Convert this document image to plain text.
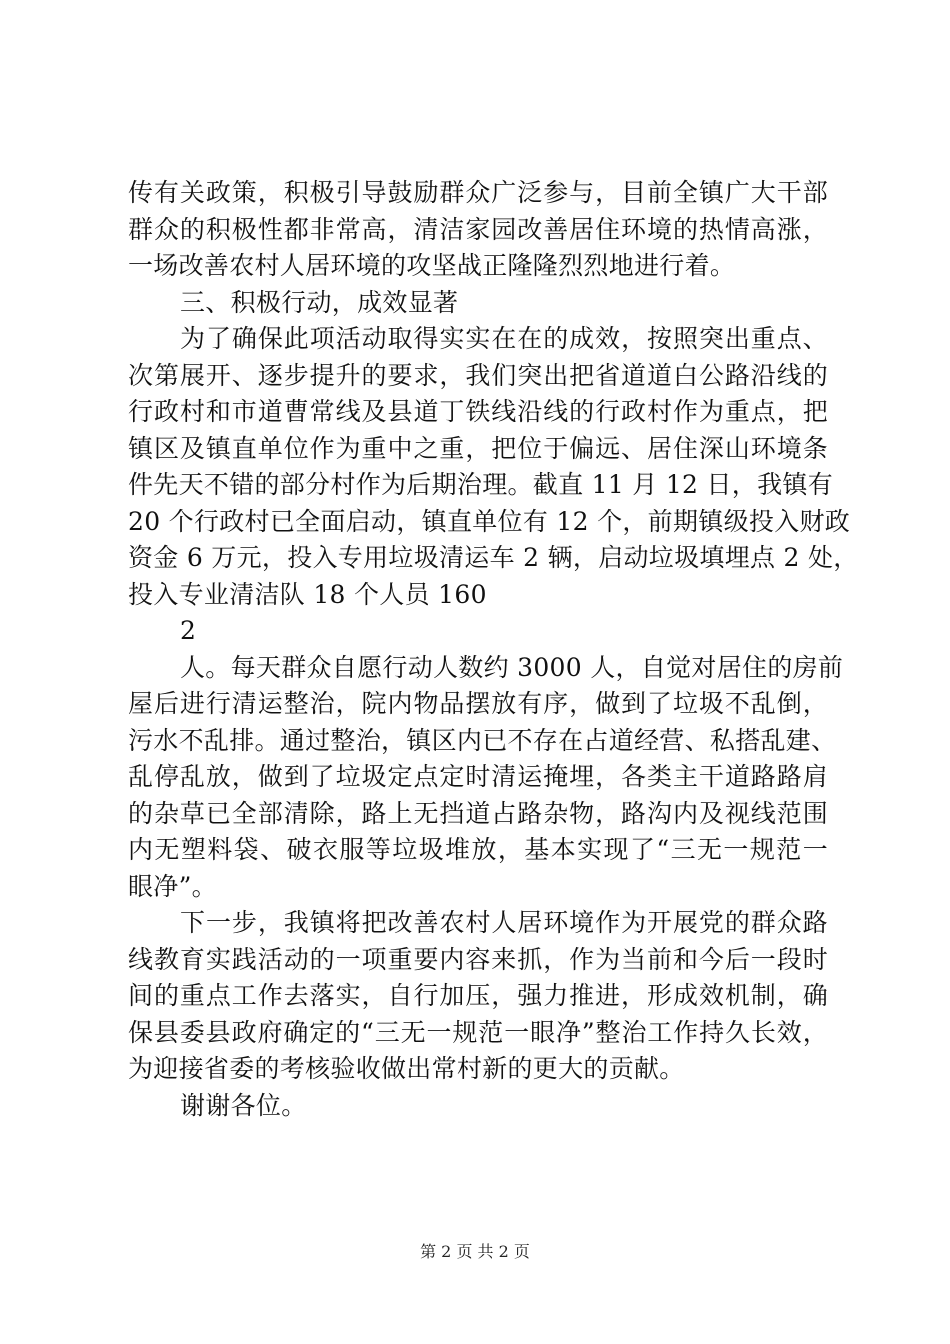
传有关政策，积极引导鼓励群众广泛参与，目前全镇广大干部
群众的积极性都非常高，清洁家园改善居住环境的热情高涨，
一场改善农村人居环境的攻坚战正隆隆烈烈地进行着。
三、积极行动，成效显著
为了确保此项活动取得实实在在的成效，按照突出重点、
次第展开、逐步提升的要求，我们突出把省道道白公路沿线的
行政村和市道曹常线及县道丁铁线沿线的行政村作为重点，把
镇区及镇直单位作为重中之重，把位于偏远、居住深山环境条
件先天不错的部分村作为后期治理。截直 11 月 12 日，我镇有
20 个行政村已全面启动，镇直单位有 12 个，前期镇级投入财政
资金 6 万元，投入专用垃圾清运车 2 辆，启动垃圾填埋点 2 处，
投入专业清洁队 18 个人员 160
2
人。每天群众自愿行动人数约 3000 人，自觉对居住的房前
屋后进行清运整治，院内物品摆放有序，做到了垃圾不乱倒，
污水不乱排。通过整治，镇区内已不存在占道经营、私搭乱建、
乱停乱放，做到了垃圾定点定时清运掩埋，各类主干道路路肩
的杂草已全部清除，路上无挡道占路杂物，路沟内及视线范围
内无塑料袋、破衣服等垃圾堆放，基本实现了“三无一规范一
眼净”。
下一步，我镇将把改善农村人居环境作为开展党的群众路
线教育实践活动的一项重要内容来抓，作为当前和今后一段时
间的重点工作去落实，自行加压，强力推进，形成效机制，确
保县委县政府确定的“三无一规范一眼净”整治工作持久长效，
为迎接省委的考核验收做出常村新的更大的贡献。
谢谢各位。
第 2 页 共 2 页
